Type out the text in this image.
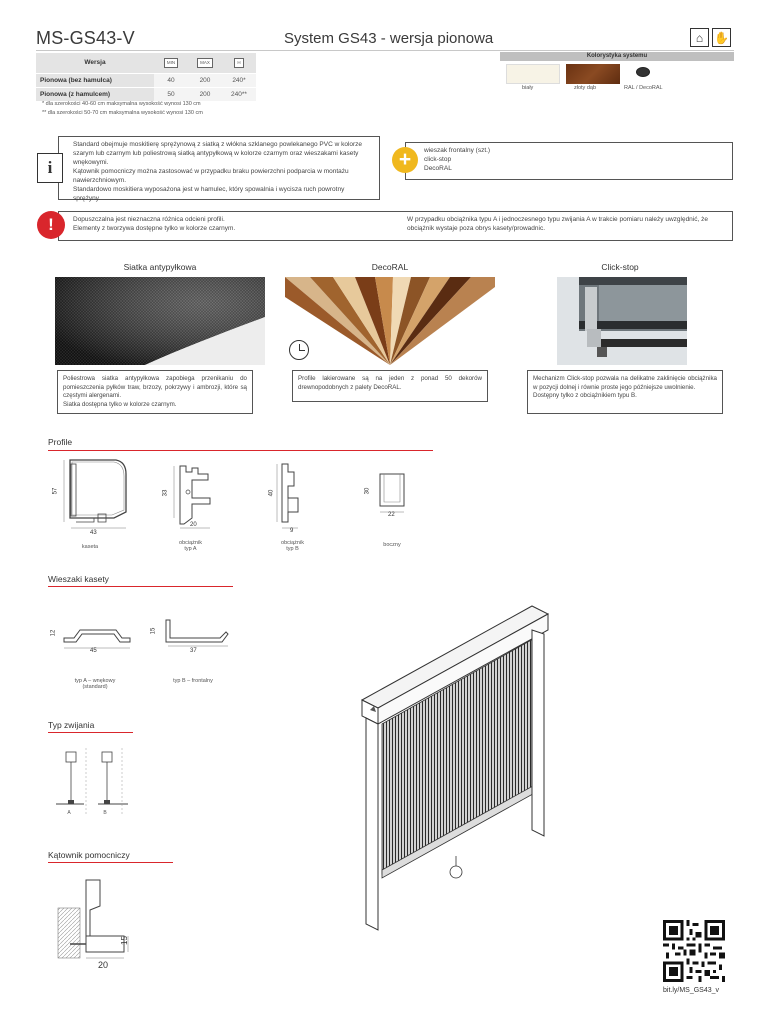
MS-GS43-V	System GS43 - wersja pionowa	⌂ ✋
Wersja	MIN	MAX	H
Pionowa (bez hamulca)	40	200	240*
Pionowa (z hamulcem)	50	200	240**
* dla szerokości 40-60 cm maksymalna wysokość wynosi 130 cm
** dla szerokości 50-70 cm maksymalna wysokość wynosi 130 cm
Kolorystyka systemu
biały	złoty dąb	RAL / DecoRAL
Standard obejmuje moskitierę sprężynową z siatką z włókna szklanego powlekanego PVC w kolorze szarym lub czarnym lub poliestrową siatką antypyłkową w kolorze czarnym oraz wieszakami kasety wnękowymi.
Kątownik pomocniczy można zastosować w przypadku braku powierzchni podparcia w montażu nawierzchniowym.
Standardowo moskitiera wyposażona jest w hamulec, który spowalnia i wycisza ruch powrotny sprężyny.
i
wieszak frontalny (szt.)
click-stop
DecoRAL
+
Dopuszczalna jest nieznaczna różnica odcieni profili.
Elementy z tworzywa dostępne tylko w kolorze czarnym.
W przypadku obciążnika typu A i jednoczesnego typu zwijania A w trakcie pomiaru należy uwzględnić, że obciążnik wystaje poza obrys kasety/prowadnic.
!
Siatka antypyłkowa	DecoRAL	Click-stop
Poliestrowa siatka antypyłkowa zapobiega przenikaniu do pomieszczenia pyłków traw, brzozy, pokrzywy i ambrozji, które są częstymi alergenami.
Siatka dostępna tylko w kolorze czarnym.
Profile lakierowane są na jeden z ponad 50 dekorów drewnopodobnych z palety DecoRAL.
Mechanizm Click-stop pozwala na delikatne zaklinięcie obciążnika w pozycji dolnej i równie proste jego późniejsze uwolnienie.
Dostępny tylko z obciążnikiem typu B.
Profile
57
43
kaseta
33
20
obciążnik
typ A
40
9
obciążnik
typ B
30
22
boczny
Wieszaki kasety
12
45
typ A – wnękowy
(standard)
15
37
typ B – frontalny
Typ zwijania
A	B
Kątownik pomocniczy
15
20
bit.ly/MS_GS43_v
